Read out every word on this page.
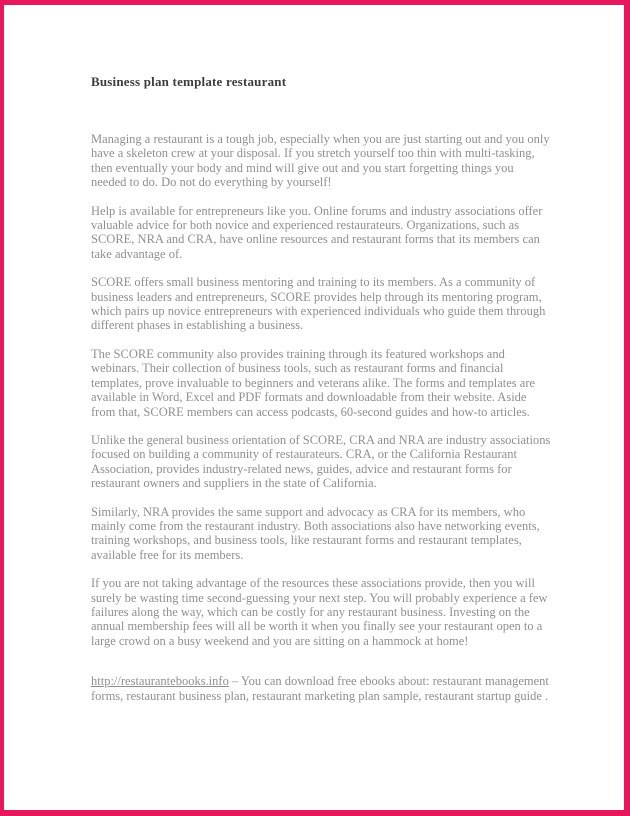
Business plan template restaurant

Managing a restaurant is a tough job, especially when you are just starting out and you only have a skeleton crew at your disposal. If you stretch yourself too thin with multi-tasking, then eventually your body and mind will give out and you start forgetting things you needed to do. Do not do everything by yourself!

Help is available for entrepreneurs like you. Online forums and industry associations offer valuable advice for both novice and experienced restaurateurs. Organizations, such as SCORE, NRA and CRA, have online resources and restaurant forms that its members can take advantage of.

SCORE offers small business mentoring and training to its members. As a community of business leaders and entrepreneurs, SCORE provides help through its mentoring program, which pairs up novice entrepreneurs with experienced individuals who guide them through different phases in establishing a business.

The SCORE community also provides training through its featured workshops and webinars. Their collection of business tools, such as restaurant forms and financial templates, prove invaluable to beginners and veterans alike. The forms and templates are available in Word, Excel and PDF formats and downloadable from their website. Aside from that, SCORE members can access podcasts, 60-second guides and how-to articles.

Unlike the general business orientation of SCORE, CRA and NRA are industry associations focused on building a community of restaurateurs. CRA, or the California Restaurant Association, provides industry-related news, guides, advice and restaurant forms for restaurant owners and suppliers in the state of California.

Similarly, NRA provides the same support and advocacy as CRA for its members, who mainly come from the restaurant industry. Both associations also have networking events, training workshops, and business tools, like restaurant forms and restaurant templates, available free for its members.

If you are not taking advantage of the resources these associations provide, then you will surely be wasting time second-guessing your next step. You will probably experience a few failures along the way, which can be costly for any restaurant business. Investing on the annual membership fees will all be worth it when you finally see your restaurant open to a large crowd on a busy weekend and you are sitting on a hammock at home!

http://restaurantebooks.info – You can download free ebooks about: restaurant management forms, restaurant business plan, restaurant marketing plan sample, restaurant startup guide .
